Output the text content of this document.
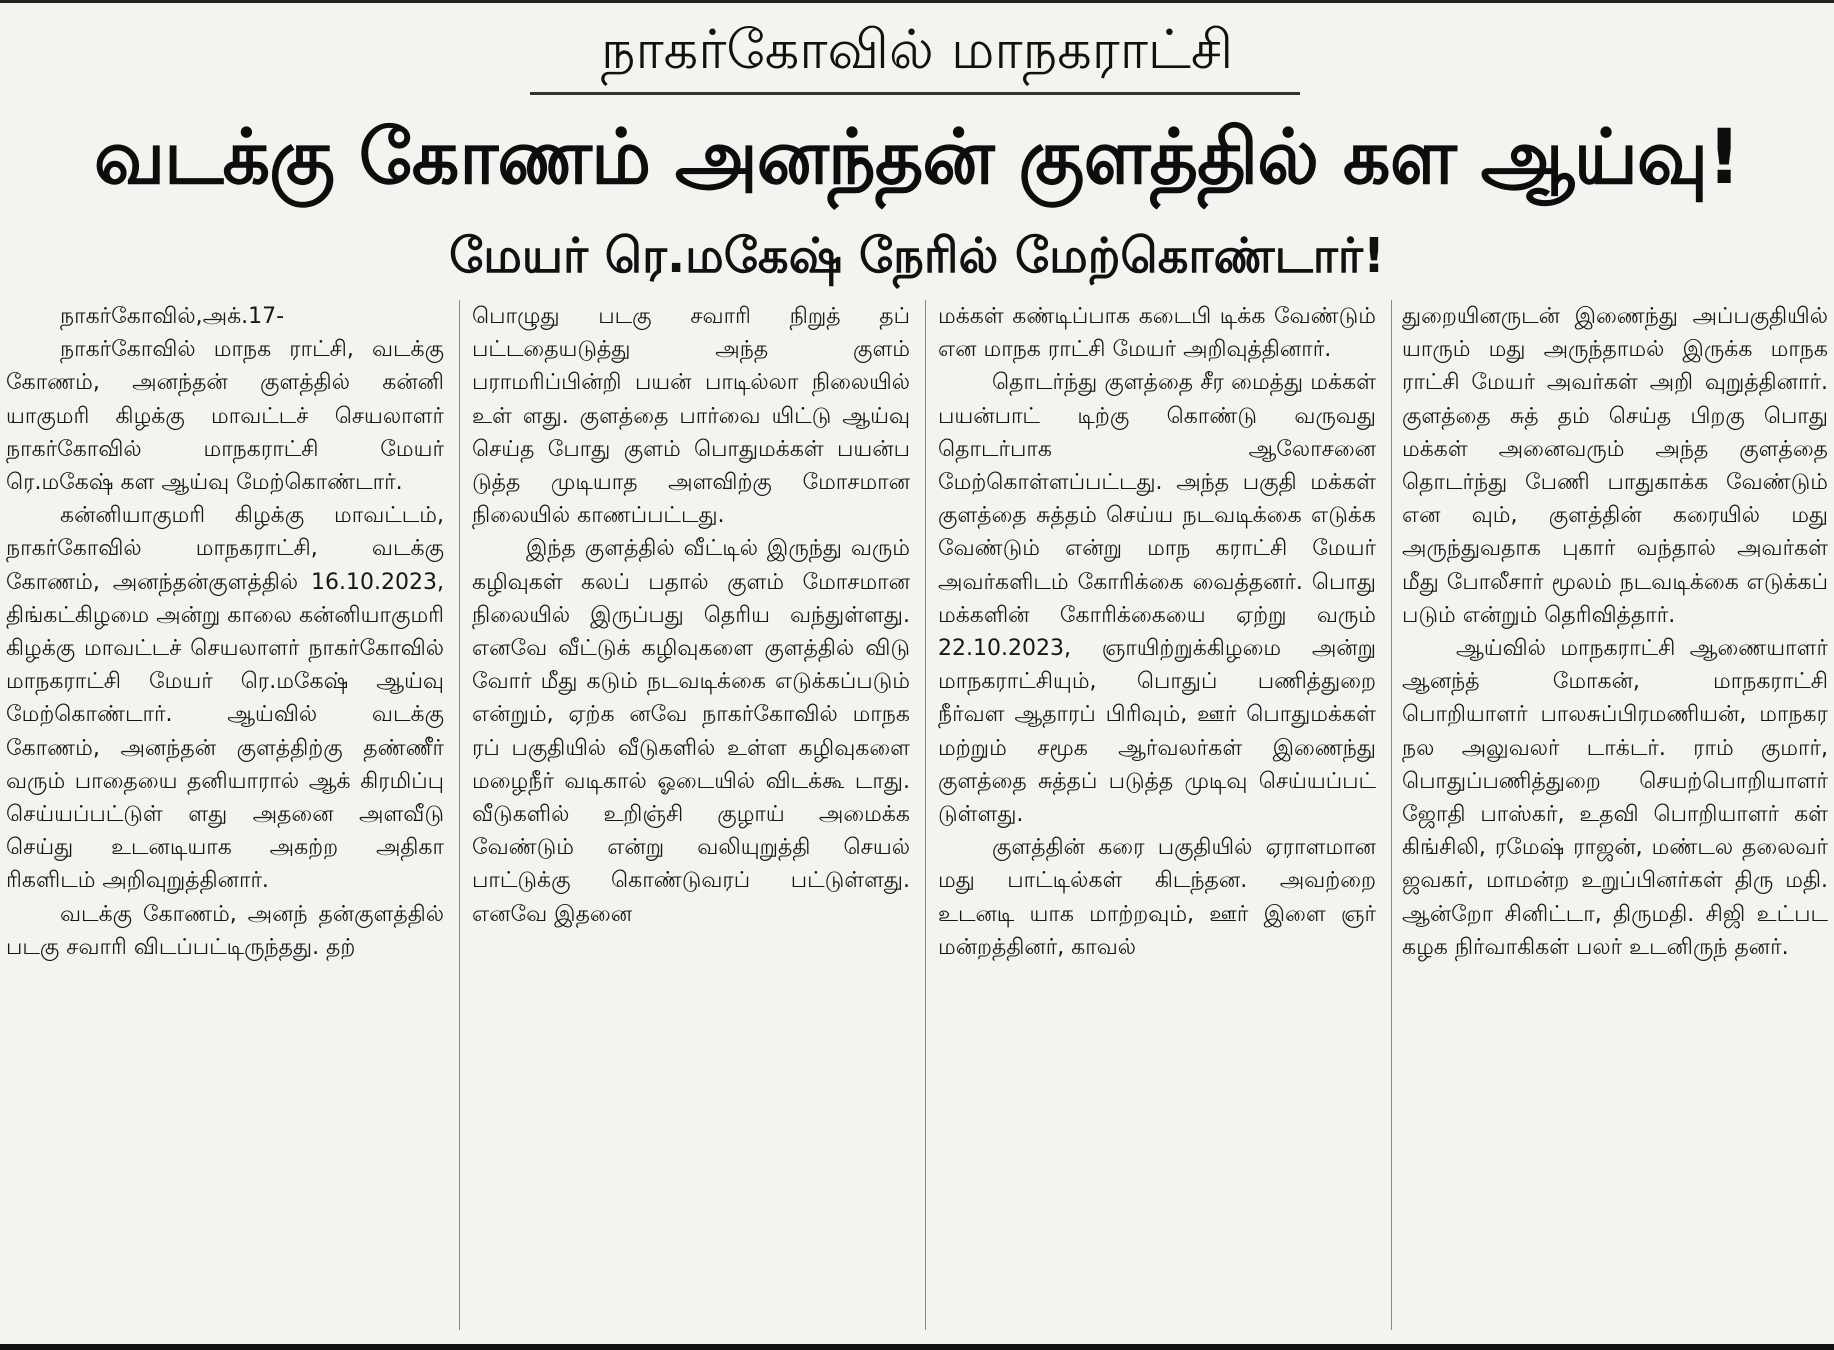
நாகர்கோவில் மாநகராட்சி
வடக்கு கோணம் அனந்தன் குளத்தில் கள ஆய்வு!
மேயர் ரெ.மகேஷ் நேரில் மேற்கொண்டார்!

நாகர்கோவில்,அக்.17-

நாகர்கோவில் மாநக ராட்சி, வடக்கு கோணம், அனந்தன் குளத்தில் கன்னி யாகுமரி கிழக்கு மாவட்டச் செயலாளர் நாகர்கோவில் மாநகராட்சி மேயர் ரெ.மகேஷ் கள ஆய்வு மேற்கொண்டார்.

கன்னியாகுமரி கிழக்கு மாவட்டம், நாகர்கோவில் மாநகராட்சி, வடக்கு கோணம், அனந்தன்குளத்தில் 16.10.2023, திங்கட்கிழமை அன்று காலை கன்னியாகுமரி கிழக்கு மாவட்டச் செயலாளர் நாகர்கோவில் மாநகராட்சி மேயர் ரெ.மகேஷ் ஆய்வு மேற்கொண்டார். ஆய்வில் வடக்கு கோணம், அனந்தன் குளத்திற்கு தண்ணீர் வரும் பாதையை தனியாரால் ஆக் கிரமிப்பு செய்யப்பட்டுள் ளது அதனை அளவீடு செய்து உடனடியாக அகற்ற அதிகா ரிகளிடம் அறிவுறுத்தினார்.

வடக்கு கோணம், அனந் தன்குளத்தில் படகு சவாரி விடப்பட்டிருந்தது. தற்

பொழுது படகு சவாரி நிறுத் தப் பட்டதையடுத்து அந்த குளம் பராமரிப்பின்றி பயன் பாடில்லா நிலையில் உள் ளது. குளத்தை பார்வை யிட்டு ஆய்வு செய்த போது குளம் பொதுமக்கள் பயன்ப டுத்த முடியாத அளவிற்கு மோசமான நிலையில் காணப்பட்டது.

இந்த குளத்தில் வீட்டில் இருந்து வரும் கழிவுகள் கலப் பதால் குளம் மோசமான நிலையில் இருப்பது தெரிய வந்துள்ளது. எனவே வீட்டுக் கழிவுகளை குளத்தில் விடு வோர் மீது கடும் நடவடிக்கை எடுக்கப்படும் என்றும், ஏற்க னவே நாகர்கோவில் மாநக ரப் பகுதியில் வீடுகளில் உள்ள கழிவுகளை மழைநீர் வடிகால் ஓடையில் விடக்கூ டாது. வீடுகளில் உறிஞ்சி குழாய் அமைக்க வேண்டும் என்று வலியுறுத்தி செயல் பாட்டுக்கு கொண்டுவரப் பட்டுள்ளது. எனவே இதனை

மக்கள் கண்டிப்பாக கடைபி டிக்க வேண்டும் என மாநக ராட்சி மேயர் அறிவுத்தினார்.

தொடர்ந்து குளத்தை சீர மைத்து மக்கள் பயன்பாட் டிற்கு கொண்டு வருவது தொடர்பாக ஆலோசனை மேற்கொள்ளப்பட்டது. அந்த பகுதி மக்கள் குளத்தை சுத்தம் செய்ய நடவடிக்கை எடுக்க வேண்டும் என்று மாந கராட்சி மேயர் அவர்களிடம் கோரிக்கை வைத்தனர். பொது மக்களின் கோரிக்கையை ஏற்று வரும் 22.10.2023, ஞாயிற்றுக்கிழமை அன்று மாநகராட்சியும், பொதுப் பணித்துறை நீர்வள ஆதாரப் பிரிவும், ஊர் பொதுமக்கள் மற்றும் சமூக ஆர்வலர்கள் இணைந்து குளத்தை சுத்தப் படுத்த முடிவு செய்யப்பட் டுள்ளது.

குளத்தின் கரை பகுதியில் ஏராளமான மது பாட்டில்கள் கிடந்தன. அவற்றை உடனடி யாக மாற்றவும், ஊர் இளை ஞர் மன்றத்தினர், காவல்

துறையினருடன் இணைந்து அப்பகுதியில் யாரும் மது அருந்தாமல் இருக்க மாநக ராட்சி மேயர் அவர்கள் அறி வுறுத்தினார். குளத்தை சுத் தம் செய்த பிறகு பொது மக்கள் அனைவரும் அந்த குளத்தை தொடர்ந்து பேணி பாதுகாக்க வேண்டும் என வும், குளத்தின் கரையில் மது அருந்துவதாக புகார் வந்தால் அவர்கள் மீது போலீசார் மூலம் நடவடிக்கை எடுக்கப் படும் என்றும் தெரிவித்தார்.

ஆய்வில் மாநகராட்சி ஆணையாளர் ஆனந்த் மோகன், மாநகராட்சி பொறியாளர் பாலசுப்பிரமணியன், மாநகர நல அலுவலர் டாக்டர். ராம் குமார், பொதுப்பணித்துறை செயற்பொறியாளர் ஜோதி பாஸ்கர், உதவி பொறியாளர் கள் கிங்சிலி, ரமேஷ் ராஜன், மண்டல தலைவர் ஜவகர், மாமன்ற உறுப்பினர்கள் திரு மதி. ஆன்றோ சினிட்டா, திருமதி. சிஜி உட்பட கழக நிர்வாகிகள் பலர் உடனிருந் தனர்.
